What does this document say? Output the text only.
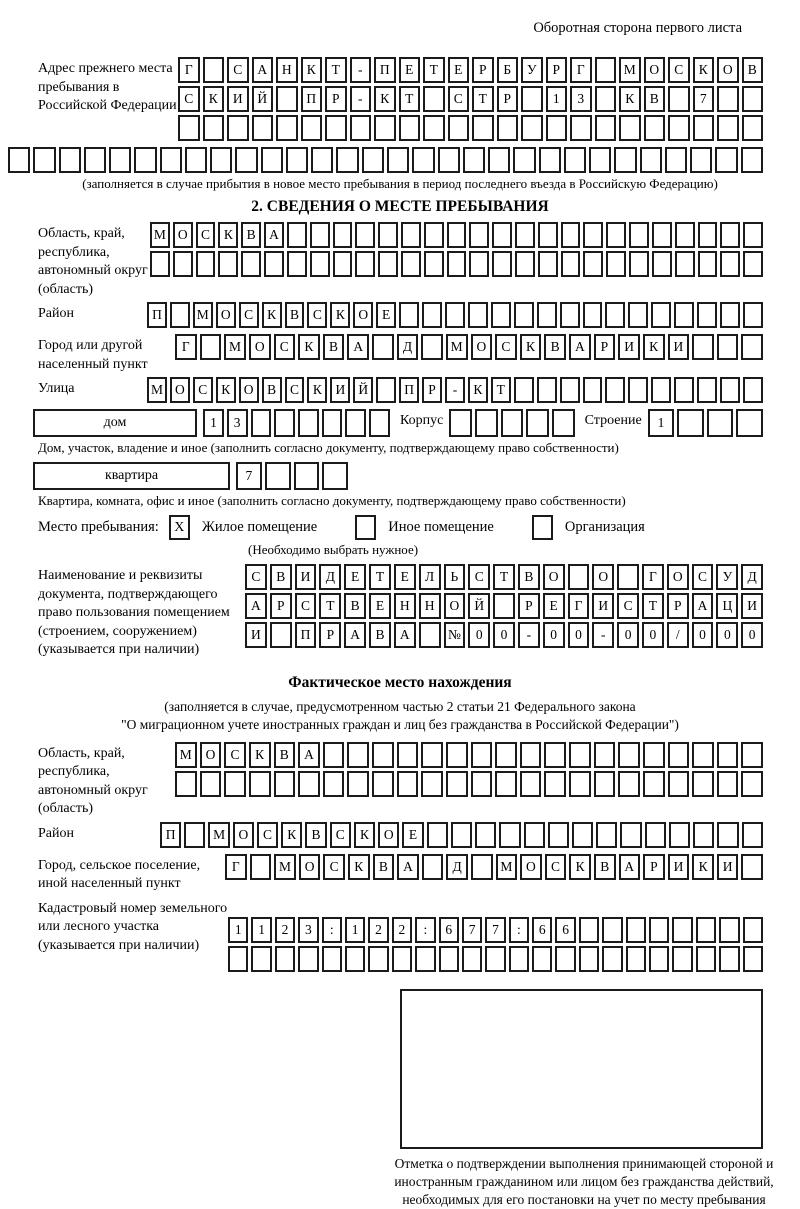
Оборотная сторона первого листа
Адрес прежнего места пребывания в Российской Федерации
Г	С	А	Н	К	Т	-	П	Е	Т	Е	Р	Б	У	Р	Г	М	О	С	К	О	В
С	К	И	Й	П	Р	-	К	Т	С	Т	Р	1	3	К	В	7
(заполняется в случае прибытия в новое место пребывания в период последнего въезда в Российскую Федерацию)
2. СВЕДЕНИЯ О МЕСТЕ ПРЕБЫВАНИЯ
Область, край, республика, автономный округ (область)
М О С	К	В А
Район	П	М О	С	К	В	С	К	О	Е
Город или другой населенный пункт
Г	М	О	С	К	В	А	Д	М	О	С	К	В	А	Р	И	К	И
Улица	М О	С	К	О	В	С	К	И Й	П	Р	-	К	Т
дом	1	3	Корпус	Строение	1
Дом, участок, владение и иное (заполнить согласно документу, подтверждающему право собственности)
квартира	7
Квартира, комната, офис и иное (заполнить согласно документу, подтверждающему право собственности)
Место пребывания:	X	Жилое помещение	Иное помещение	Организация
(Необходимо выбрать нужное)
Наименование и реквизиты документа, подтверждающего право пользования помещением (строением, сооружением) (указывается при наличии)
С	В	И	Д	Е	Т	Е	Л	Ь	С	Т	В	О	О	Г	О	С	У	Д
А	Р	С	Т	В	Е	Н	Н	О	Й	Р	Е	Г	И	С	Т	Р	А	Ц	И
И	П	Р	А	В	А	№	0	0	-	0	0	-	0	0	/	0	0	0
Фактическое место нахождения
(заполняется в случае, предусмотренном частью 2 статьи 21 Федерального закона
"О миграционном учете иностранных граждан и лиц без гражданства в Российской Федерации")
Область, край, республика, автономный округ (область)
М	О	С	К	В	А
Район	П	М О	С	К	В	С	К	О	Е
Город, сельское поселение, иной населенный пункт
Г	М	О	С	К	В	А	Д	М	О	С	К	В	А	Р	И	К	И
Кадастровый номер земельного или лесного участка (указывается при наличии)
1	1	2	3	:	1	2	2	:	6	7	7	:	6	6
Отметка о подтверждении выполнения принимающей стороной и иностранным гражданином или лицом без гражданства действий, необходимых для его постановки на учет по месту пребывания
